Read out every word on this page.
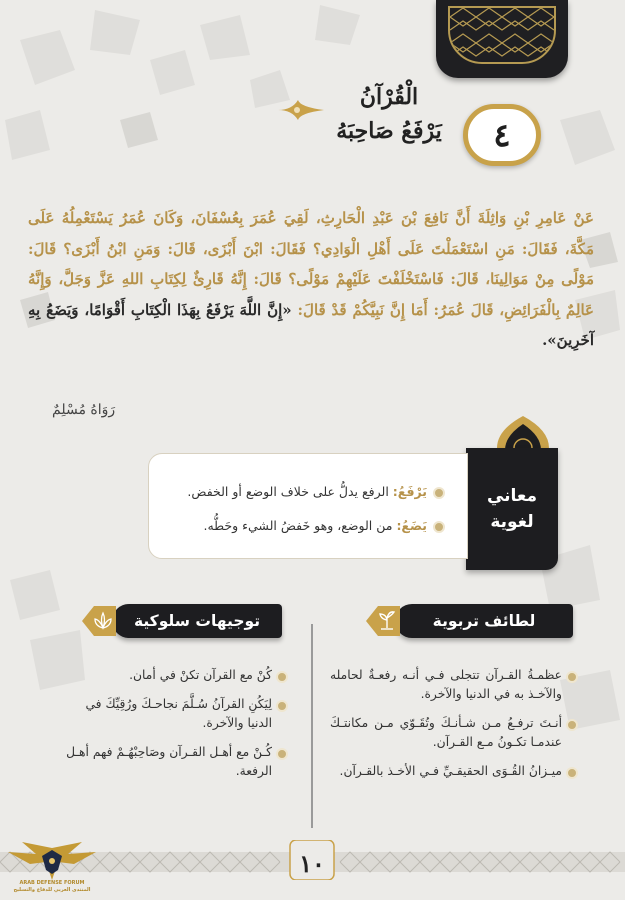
٤
الْقُرْآنُ
يَرْفَعُ صَاحِبَهُ
عَنْ عَامِرِ بْنِ وَاثِلَةَ أَنَّ نَافِعَ بْنَ عَبْدِ الْحَارِثِ، لَقِيَ عُمَرَ بِعُسْفَانَ، وَكَانَ عُمَرُ يَسْتَعْمِلُهُ عَلَى مَكَّةَ، فَقَالَ: مَنِ اسْتَعْمَلْتَ عَلَى أَهْلِ الْوَادِي؟ فَقَالَ: ابْنَ أَبْزَى، قَالَ: وَمَنِ ابْنُ أَبْزَى؟ قَالَ: مَوْلًى مِنْ مَوَالِينَا، قَالَ: فَاسْتَخْلَفْتَ عَلَيْهِمْ مَوْلًى؟ قَالَ: إِنَّهُ قَارِئٌ لِكِتَابِ اللهِ عَزَّ وَجَلَّ، وَإِنَّهُ عَالِمٌ بِالْفَرَائِضِ، قَالَ عُمَرُ: أَمَا إِنَّ نَبِيَّكُمْ قَدْ قَالَ: «إِنَّ اللَّهَ يَرْفَعُ بِهَذَا الْكِتَابِ أَقْوَامًا، وَيَضَعُ بِهِ آخَرِينَ».
رَوَاهُ مُسْلِمٌ
معاني
لغوية
يَرْفَعُ: الرفع يدلُّ على خلاف الوضع أو الخفض.
يَضَعُ: من الوضع، وهو خَفضُ الشيء وحَطُّه.
لطائف تربوية
توجيهات سلوكية
عظمـةُ القـرآن تتجلى فـي أنـه رفعـةٌ لحامله والآخـذ به في الدنيا والآخرة.
أنـتَ ترفـعُ مـن شـأنـكَ وتُقَـوّي مـن مكانتـكَ عندمـا تكـونُ مـع القـرآن.
ميـزانُ القُـوَى الحقيقـيِّ فـي الأخـذ بالقـرآن.
كُنْ مع القرآن تكنْ في أمان.
لِيَكُنِ القرآنُ سُـلَّمَ نجاحـكَ ورُقِيِّكَ في الدنيا والآخرة.
كُـنْ مع أهـل القـرآن وصَاحِبْهُـمْ فهم أهـل الرفعة.
١٠
ARAB DEFENSE FORUM
المنتدى العربي للدفاع والتسليح
